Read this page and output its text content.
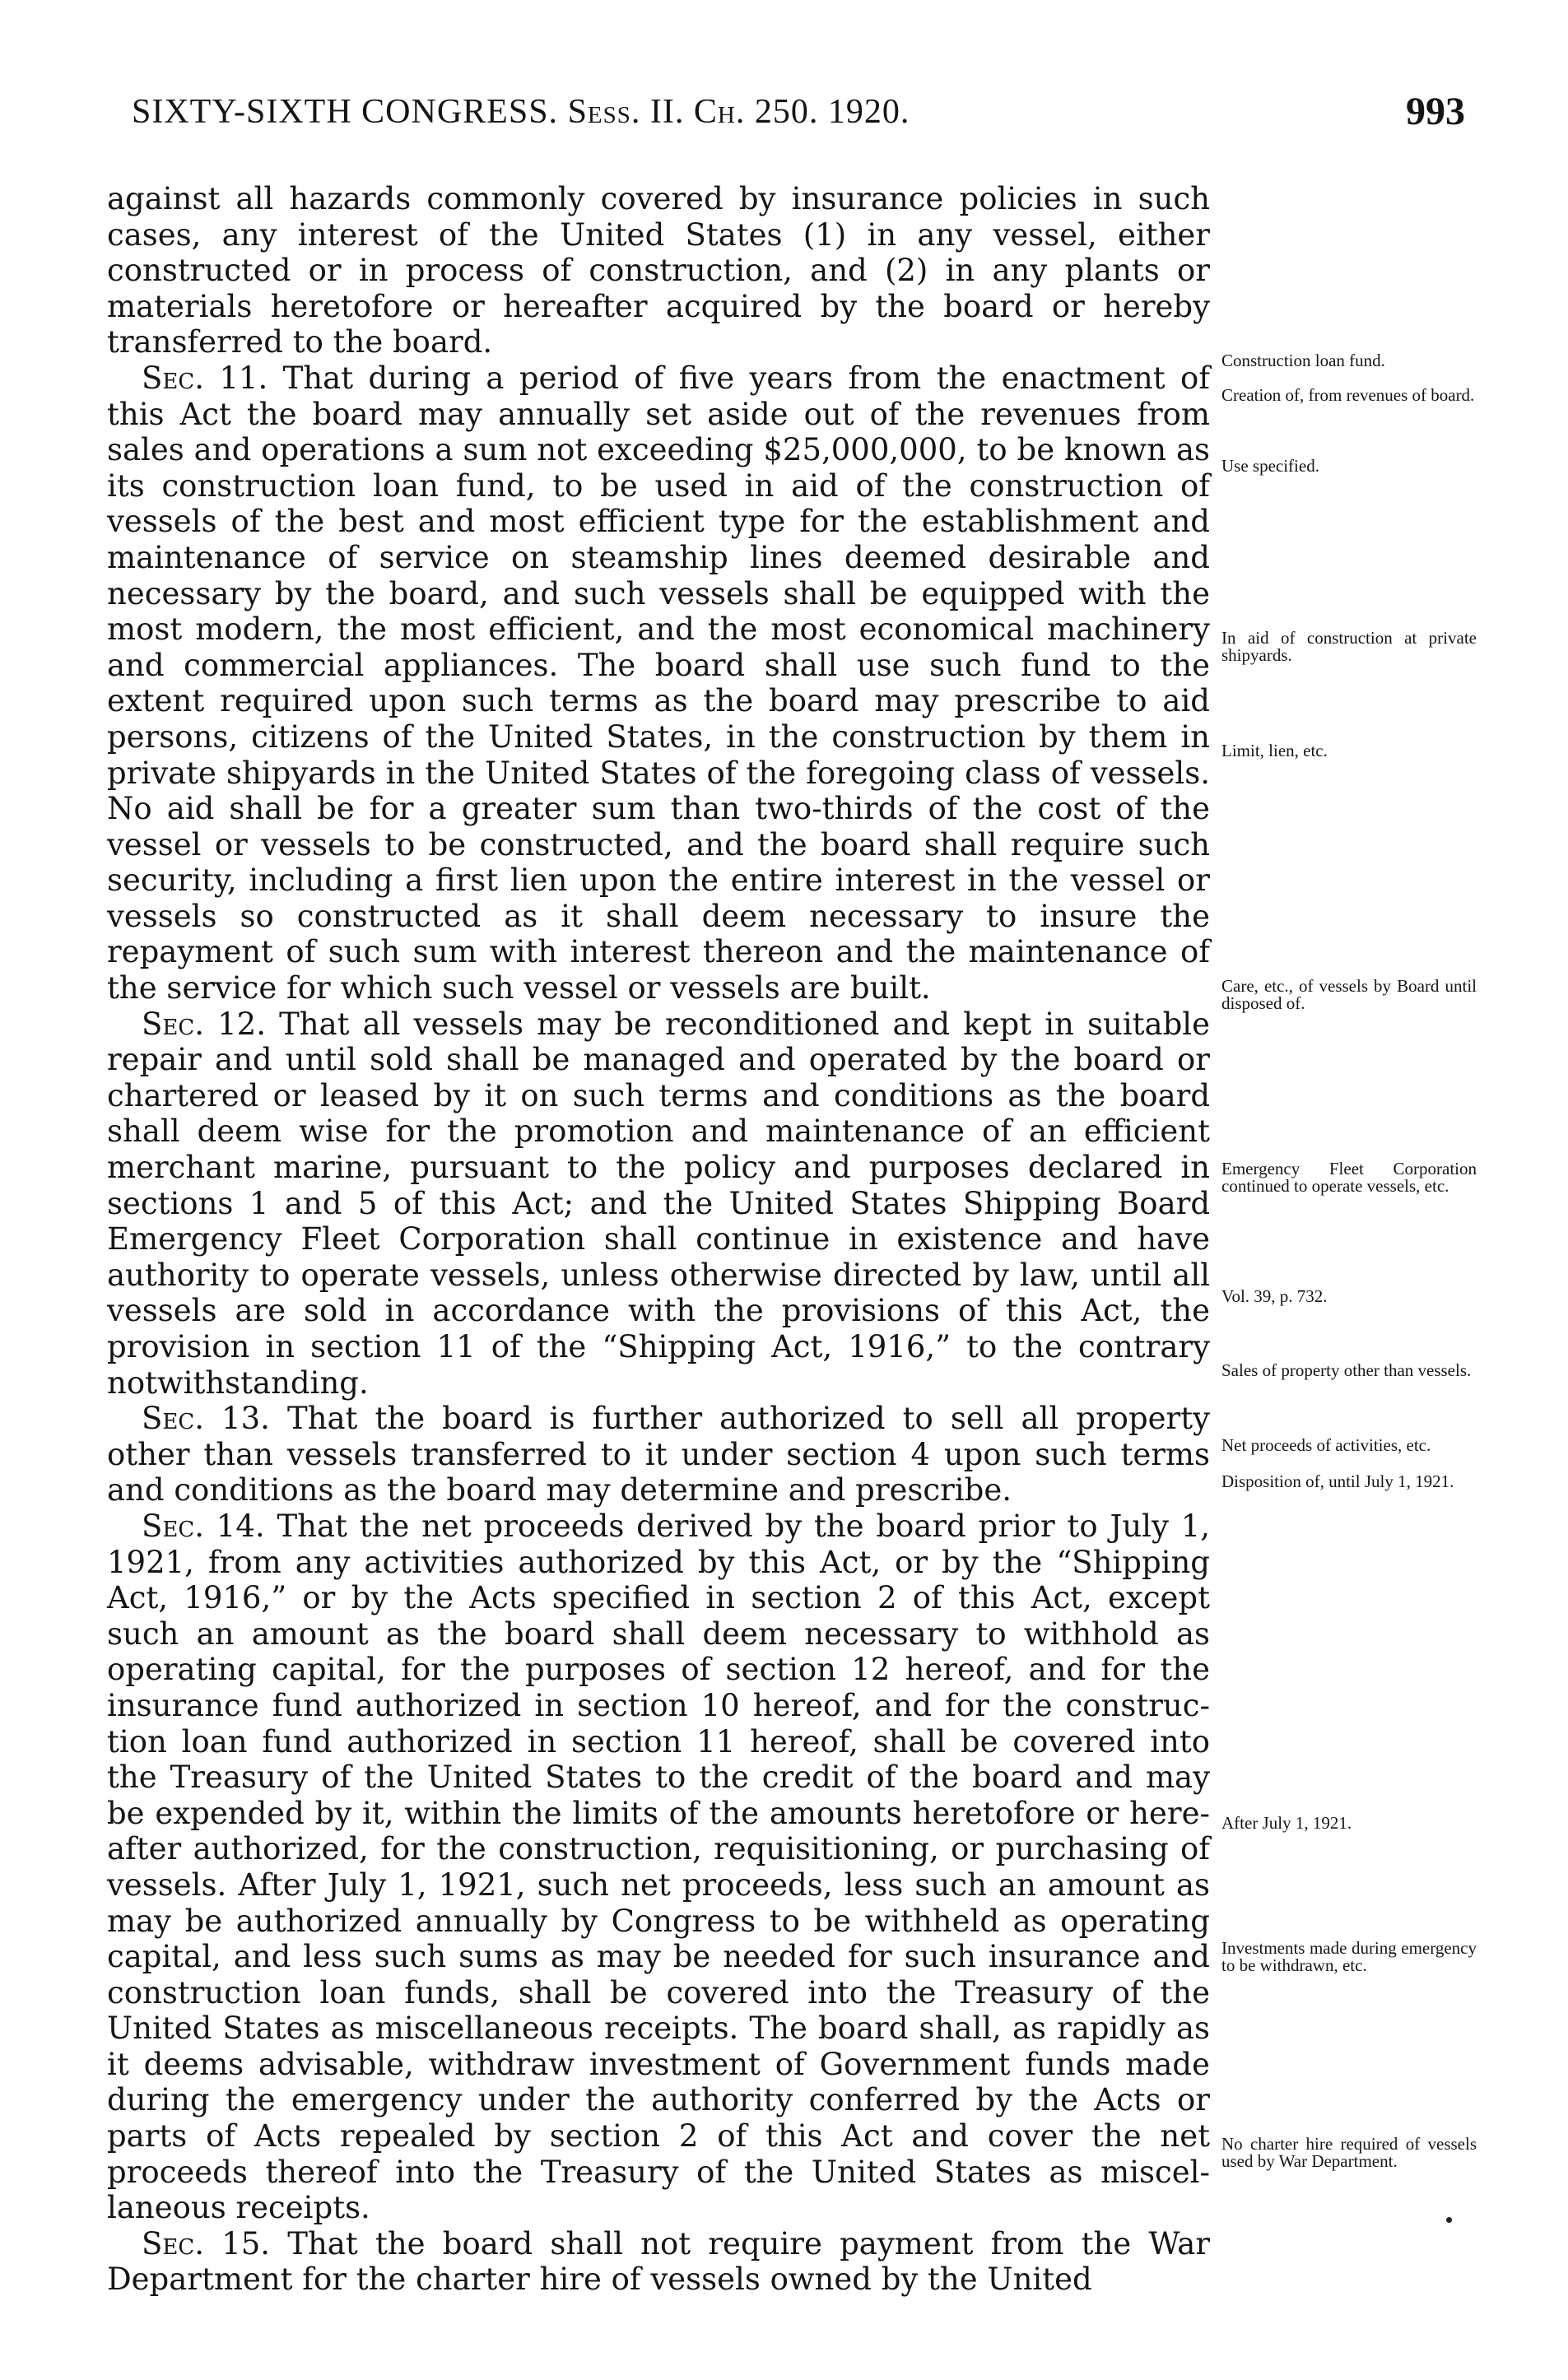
SIXTY-SIXTH CONGRESS. Sess. II. Ch. 250. 1920.	993

against all hazards commonly covered by insurance policies in such cases, any interest of the United States (1) in any vessel, either constructed or in process of construction, and (2) in any plants or materials heretofore or hereafter acquired by the board or hereby transferred to the board.

Sec. 11. That during a period of five years from the enactment of this Act the board may annually set aside out of the revenues from sales and operations a sum not exceeding $25,000,000, to be known as its construction loan fund, to be used in aid of the construction of vessels of the best and most efficient type for the establishment and maintenance of service on steamship lines deemed desirable and necessary by the board, and such vessels shall be equipped with the most modern, the most efficient, and the most economical machinery and commercial appliances. The board shall use such fund to the extent required upon such terms as the board may prescribe to aid persons, citizens of the United States, in the construction by them in private shipyards in the United States of the foregoing class of vessels. No aid shall be for a greater sum than two-thirds of the cost of the vessel or vessels to be constructed, and the board shall require such security, including a first lien upon the entire interest in the vessel or vessels so constructed as it shall deem necessary to insure the repayment of such sum with interest thereon and the maintenance of the service for which such vessel or vessels are built.

Sec. 12. That all vessels may be reconditioned and kept in suitable repair and until sold shall be managed and operated by the board or chartered or leased by it on such terms and conditions as the board shall deem wise for the promotion and maintenance of an efficient merchant marine, pursuant to the policy and purposes declared in sections 1 and 5 of this Act; and the United States Shipping Board Emergency Fleet Corporation shall continue in existence and have authority to operate vessels, unless otherwise directed by law, until all vessels are sold in accordance with the provisions of this Act, the provision in section 11 of the “Shipping Act, 1916,” to the contrary notwithstanding.

Sec. 13. That the board is further authorized to sell all property other than vessels transferred to it under section 4 upon such terms and conditions as the board may determine and prescribe.

Sec. 14. That the net proceeds derived by the board prior to July 1, 1921, from any activities authorized by this Act, or by the “Shipping Act, 1916,” or by the Acts specified in section 2 of this Act, except such an amount as the board shall deem necessary to withhold as operating capital, for the purposes of section 12 hereof, and for the insurance fund authorized in section 10 hereof, and for the construction loan fund authorized in section 11 hereof, shall be covered into the Treasury of the United States to the credit of the board and may be expended by it, within the limits of the amounts heretofore or hereafter authorized, for the construction, requisitioning, or purchasing of vessels. After July 1, 1921, such net proceeds, less such an amount as may be authorized annually by Congress to be withheld as operating capital, and less such sums as may be needed for such insurance and construction loan funds, shall be covered into the Treasury of the United States as miscellaneous receipts. The board shall, as rapidly as it deems advisable, withdraw investment of Government funds made during the emergency under the authority conferred by the Acts or parts of Acts repealed by section 2 of this Act and cover the net proceeds thereof into the Treasury of the United States as miscellaneous receipts.

Sec. 15. That the board shall not require payment from the War Department for the charter hire of vessels owned by the United

Construction loan fund.
Creation of, from revenues of board.
Use specified.
In aid of construction at private shipyards.
Limit, lien, etc.
Care, etc., of vessels by Board until disposed of.
Emergency Fleet Corporation continued to operate vessels, etc.
Vol. 39, p. 732.
Sales of property other than vessels.
Net proceeds of activities, etc.
Disposition of, until July 1, 1921.
After July 1, 1921.
Investments made during emergency to be withdrawn, etc.
No charter hire required of vessels used by War Department.
